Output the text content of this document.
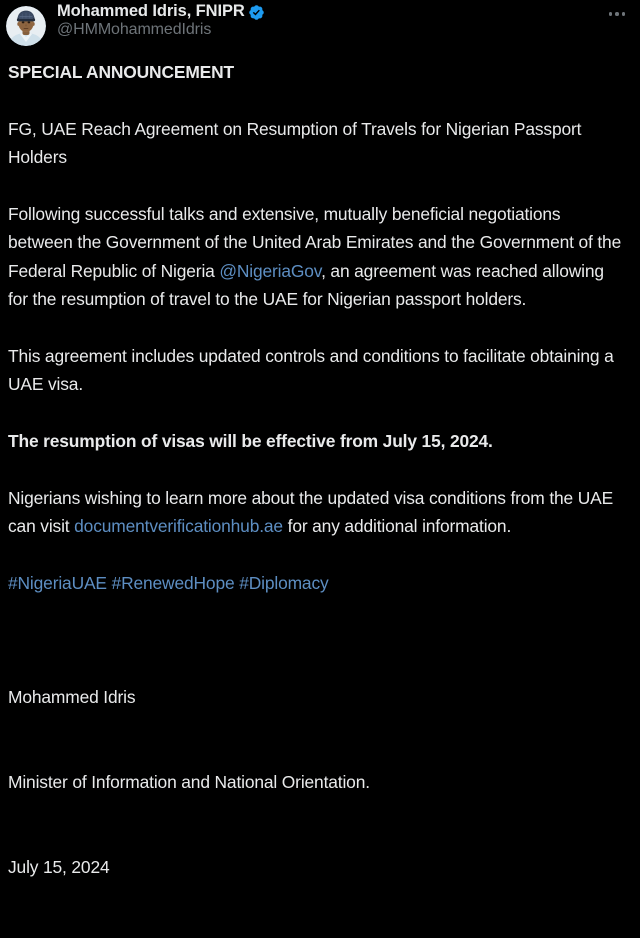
Mohammed Idris, FNIPR
@HMMohammedIdris

SPECIAL ANNOUNCEMENT

FG, UAE Reach Agreement on Resumption of Travels for Nigerian Passport Holders

Following successful talks and extensive, mutually beneficial negotiations between the Government of the United Arab Emirates and the Government of the Federal Republic of Nigeria @NigeriaGov, an agreement was reached allowing for the resumption of travel to the UAE for Nigerian passport holders.

This agreement includes updated controls and conditions to facilitate obtaining a UAE visa.

The resumption of visas will be effective from July 15, 2024.

Nigerians wishing to learn more about the updated visa conditions from the UAE can visit documentverificationhub.ae for any additional information.

#NigeriaUAE #RenewedHope #Diplomacy

Mohammed Idris

Minister of Information and National Orientation.

July 15, 2024
